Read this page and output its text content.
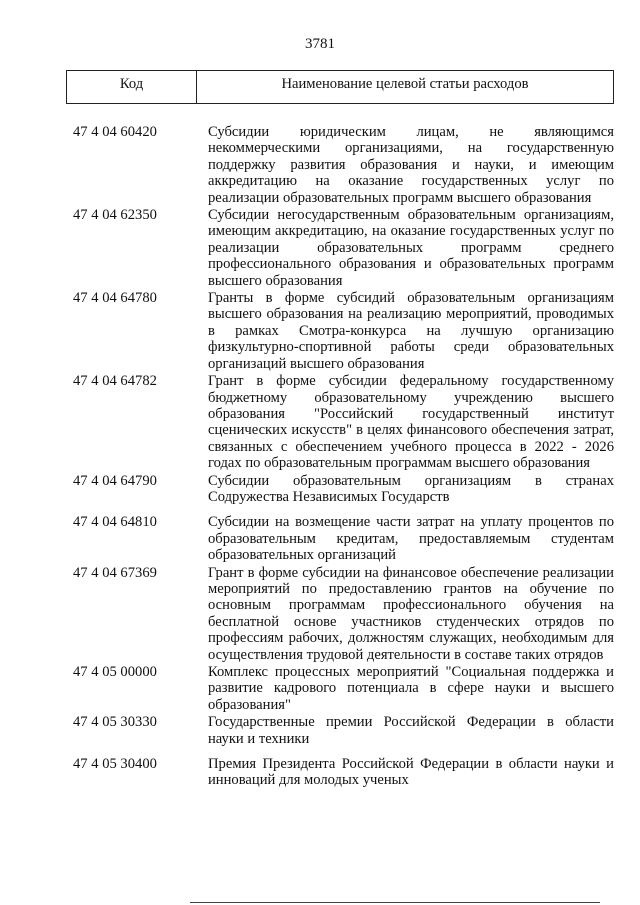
3781
Код	Наименование целевой статьи расходов
47 4 04 60420	Субсидии юридическим лицам, не являющимся некоммерческими организациями, на государственную поддержку развития образования и науки, и имеющим аккредитацию на оказание государственных услуг по реализации образовательных программ высшего образования
47 4 04 62350	Субсидии негосударственным образовательным организациям, имеющим аккредитацию, на оказание государственных услуг по реализации образовательных программ среднего профессионального образования и образовательных программ высшего образования
47 4 04 64780	Гранты в форме субсидий образовательным организациям высшего образования на реализацию мероприятий, проводимых в рамках Смотра-конкурса на лучшую организацию физкультурно-спортивной работы среди образовательных организаций высшего образования
47 4 04 64782	Грант в форме субсидии федеральному государственному бюджетному образовательному учреждению высшего образования "Российский государственный институт сценических искусств" в целях финансового обеспечения затрат, связанных с обеспечением учебного процесса в 2022 - 2026 годах по образовательным программам высшего образования
47 4 04 64790	Субсидии образовательным организациям в странах Содружества Независимых Государств
47 4 04 64810	Субсидии на возмещение части затрат на уплату процентов по образовательным кредитам, предоставляемым студентам образовательных организаций
47 4 04 67369	Грант в форме субсидии на финансовое обеспечение реализации мероприятий по предоставлению грантов на обучение по основным программам профессионального обучения на бесплатной основе участников студенческих отрядов по профессиям рабочих, должностям служащих, необходимым для осуществления трудовой деятельности в составе таких отрядов
47 4 05 00000	Комплекс процессных мероприятий "Социальная поддержка и развитие кадрового потенциала в сфере науки и высшего образования"
47 4 05 30330	Государственные премии Российской Федерации в области науки и техники
47 4 05 30400	Премия Президента Российской Федерации в области науки и инноваций для молодых ученых
